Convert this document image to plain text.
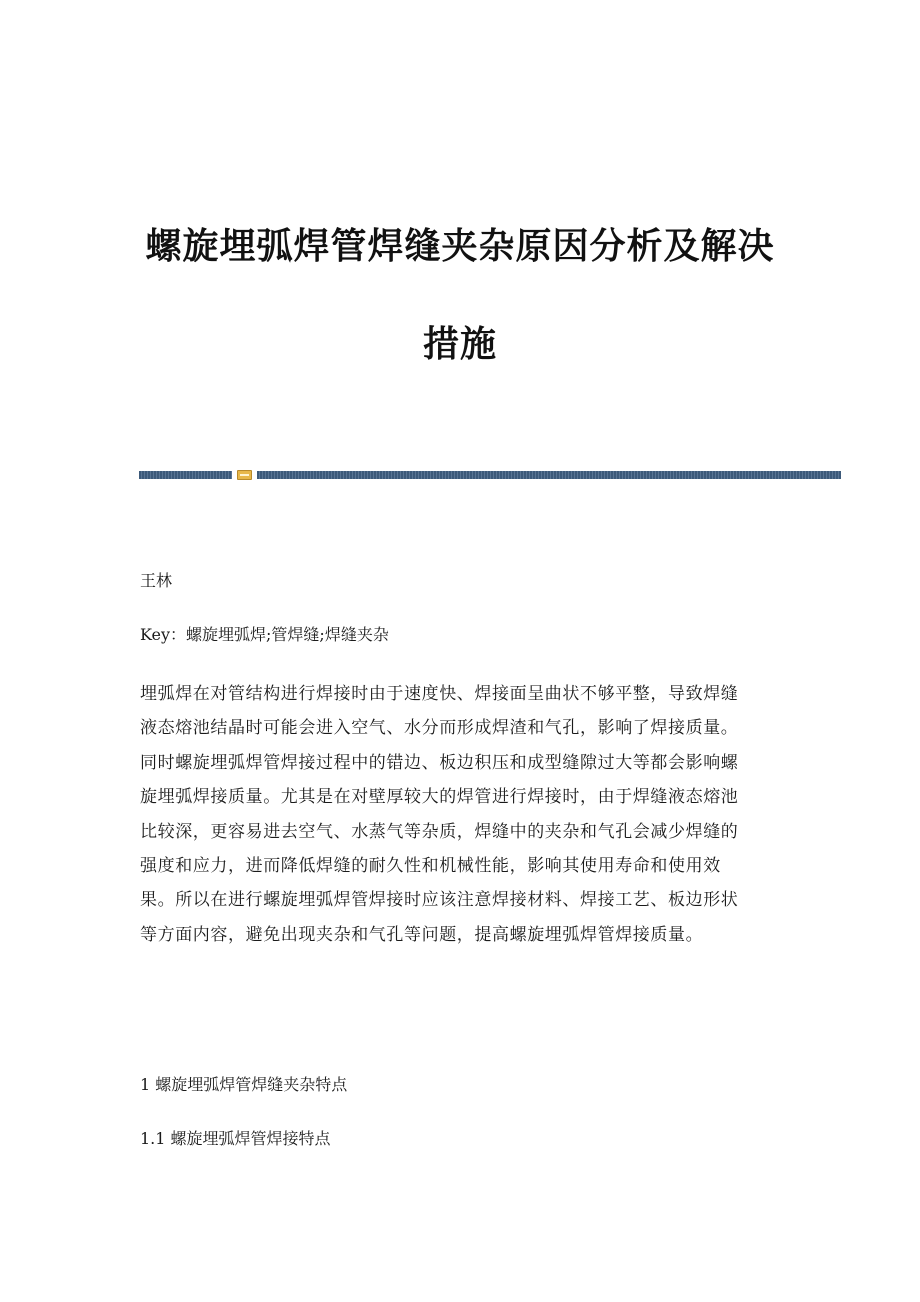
螺旋埋弧焊管焊缝夹杂原因分析及解决
措施
王林
Key：螺旋埋弧焊;管焊缝;焊缝夹杂
埋弧焊在对管结构进行焊接时由于速度快、焊接面呈曲状不够平整，导致焊缝
液态熔池结晶时可能会进入空气、水分而形成焊渣和气孔，影响了焊接质量。
同时螺旋埋弧焊管焊接过程中的错边、板边积压和成型缝隙过大等都会影响螺
旋埋弧焊接质量。尤其是在对壁厚较大的焊管进行焊接时，由于焊缝液态熔池
比较深，更容易进去空气、水蒸气等杂质，焊缝中的夹杂和气孔会减少焊缝的
强度和应力，进而降低焊缝的耐久性和机械性能，影响其使用寿命和使用效
果。所以在进行螺旋埋弧焊管焊接时应该注意焊接材料、焊接工艺、板边形状
等方面内容，避免出现夹杂和气孔等问题，提高螺旋埋弧焊管焊接质量。
1 螺旋埋弧焊管焊缝夹杂特点
1.1 螺旋埋弧焊管焊接特点
